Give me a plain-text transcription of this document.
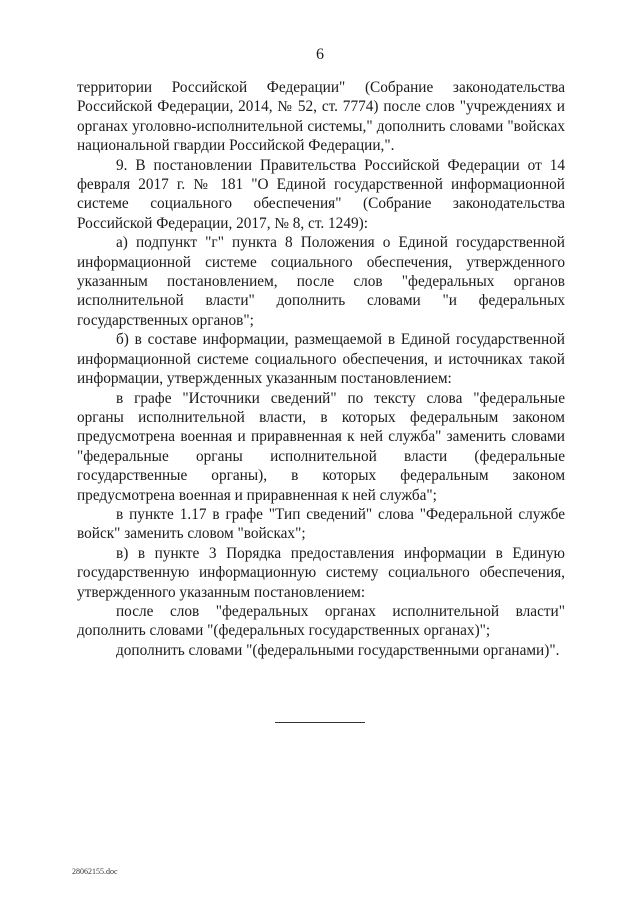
6

территории Российской Федерации" (Собрание законодательства Российской Федерации, 2014, № 52, ст. 7774) после слов "учреждениях и органах уголовно-исполнительной системы," дополнить словами "войсках национальной гвардии Российской Федерации,".

9. В постановлении Правительства Российской Федерации от 14 февраля 2017 г. № 181 "О Единой государственной информационной системе социального обеспечения" (Собрание законодательства Российской Федерации, 2017, № 8, ст. 1249):

а) подпункт "г" пункта 8 Положения о Единой государственной информационной системе социального обеспечения, утвержденного указанным постановлением, после слов "федеральных органов исполнительной власти" дополнить словами "и федеральных государственных органов";

б) в составе информации, размещаемой в Единой государственной информационной системе социального обеспечения, и источниках такой информации, утвержденных указанным постановлением:

в графе "Источники сведений" по тексту слова "федеральные органы исполнительной власти, в которых федеральным законом предусмотрена военная и приравненная к ней служба" заменить словами "федеральные органы исполнительной власти (федеральные государственные органы), в которых федеральным законом предусмотрена военная и приравненная к ней служба";

в пункте 1.17 в графе "Тип сведений" слова "Федеральной службе войск" заменить словом "войсках";

в) в пункте 3 Порядка предоставления информации в Единую государственную информационную систему социального обеспечения, утвержденного указанным постановлением:

после слов "федеральных органах исполнительной власти" дополнить словами "(федеральных государственных органах)";

дополнить словами "(федеральными государственными органами)".

28062155.doc
